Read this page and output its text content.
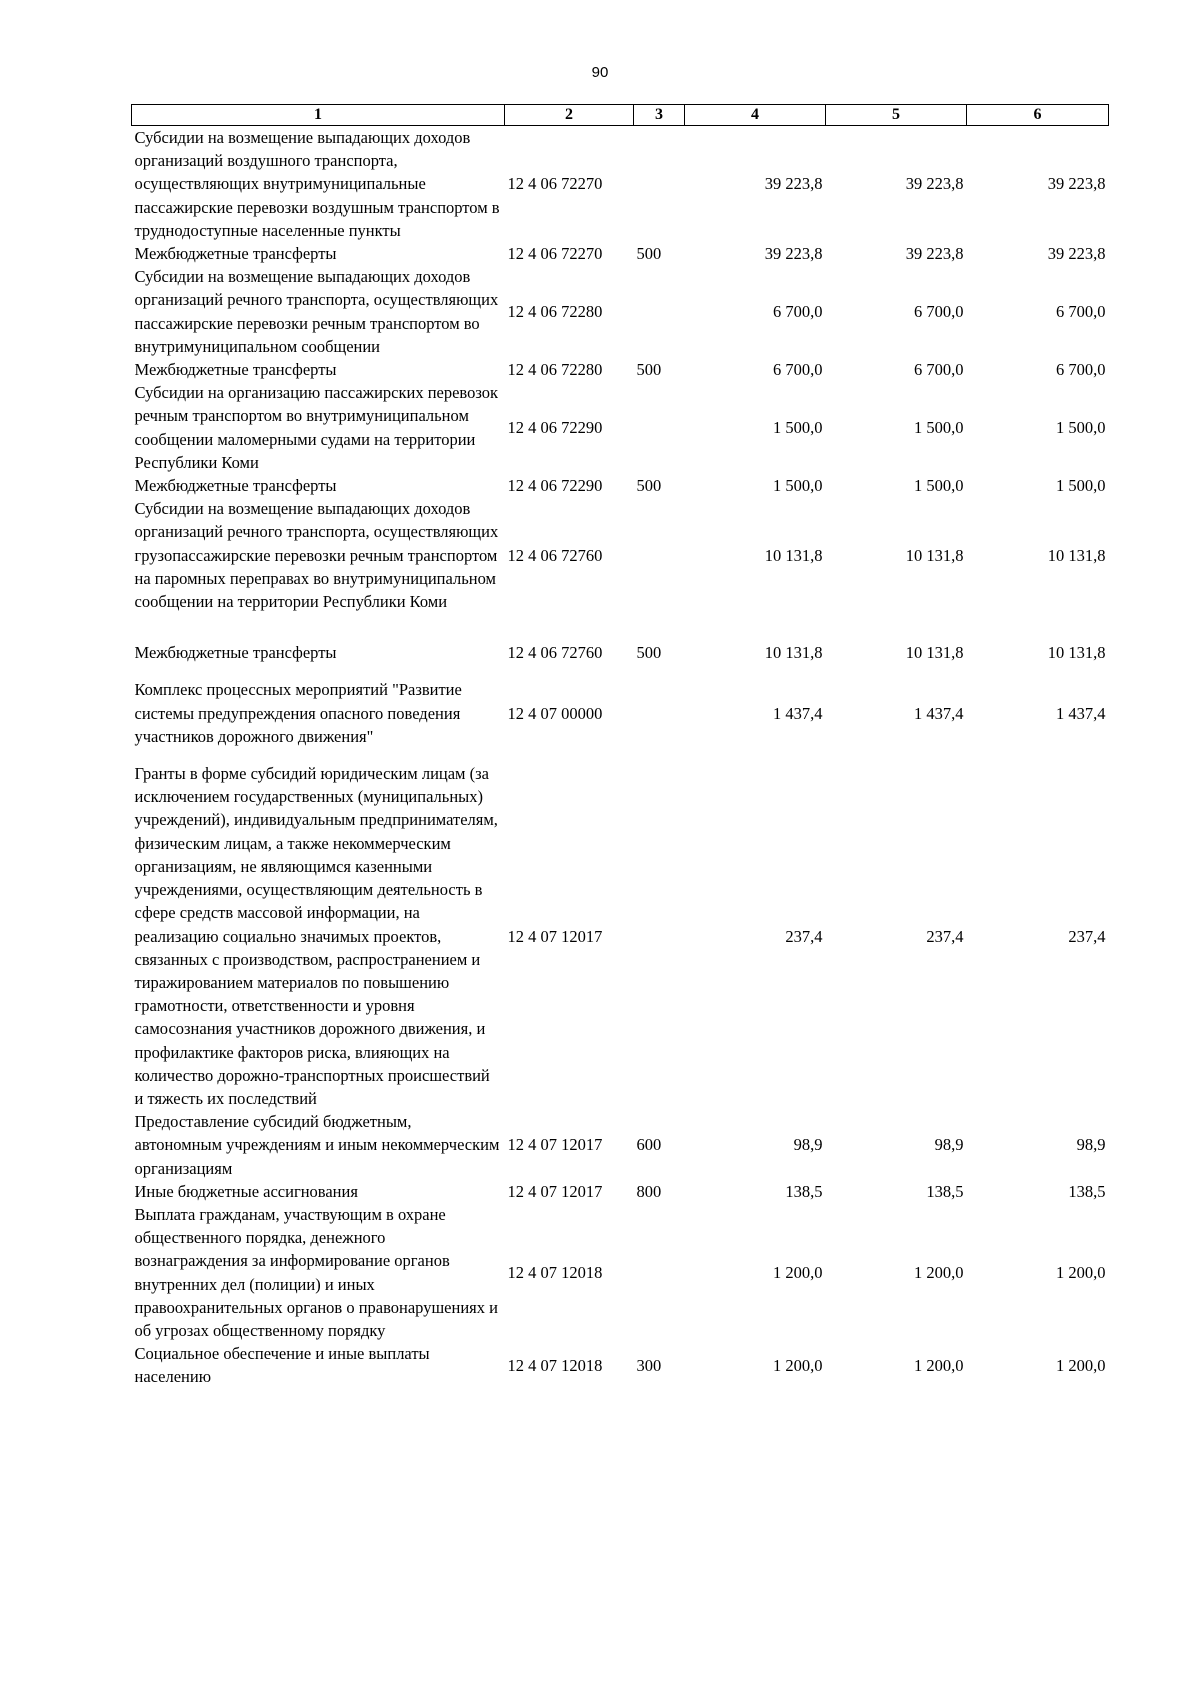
90
1	2	3	4	5	6
Субсидии на возмещение выпадающих доходов организаций воздушного транспорта, осуществляющих внутримуниципальные пассажирские перевозки воздушным транспортом в труднодоступные населенные пункты	12 4 06 72270		39 223,8	39 223,8	39 223,8
Межбюджетные трансферты	12 4 06 72270	500	39 223,8	39 223,8	39 223,8
Субсидии на возмещение выпадающих доходов организаций речного транспорта, осуществляющих пассажирские перевозки речным транспортом во внутримуниципальном сообщении	12 4 06 72280		6 700,0	6 700,0	6 700,0
Межбюджетные трансферты	12 4 06 72280	500	6 700,0	6 700,0	6 700,0
Субсидии на организацию пассажирских перевозок речным транспортом во внутримуниципальном сообщении маломерными судами на территории Республики Коми	12 4 06 72290		1 500,0	1 500,0	1 500,0
Межбюджетные трансферты	12 4 06 72290	500	1 500,0	1 500,0	1 500,0
Субсидии на возмещение выпадающих доходов организаций речного транспорта, осуществляющих грузопассажирские перевозки речным транспортом на паромных переправах во внутримуниципальном сообщении на территории Республики Коми	12 4 06 72760		10 131,8	10 131,8	10 131,8
Межбюджетные трансферты	12 4 06 72760	500	10 131,8	10 131,8	10 131,8
Комплекс процессных мероприятий "Развитие системы предупреждения опасного поведения участников дорожного движения"	12 4 07 00000		1 437,4	1 437,4	1 437,4
Гранты в форме субсидий юридическим лицам (за исключением государственных (муниципальных) учреждений), индивидуальным предпринимателям, физическим лицам, а также некоммерческим организациям, не являющимся казенными учреждениями, осуществляющим деятельность в сфере средств массовой информации, на реализацию социально значимых проектов, связанных с производством, распространением и тиражированием материалов по повышению грамотности, ответственности и уровня самосознания участников дорожного движения, и профилактике факторов риска, влияющих на количество дорожно-транспортных происшествий и тяжесть их последствий	12 4 07 12017		237,4	237,4	237,4
Предоставление субсидий бюджетным, автономным учреждениям и иным некоммерческим организациям	12 4 07 12017	600	98,9	98,9	98,9
Иные бюджетные ассигнования	12 4 07 12017	800	138,5	138,5	138,5
Выплата гражданам, участвующим в охране общественного порядка, денежного вознаграждения за информирование органов внутренних дел (полиции) и иных правоохранительных органов о правонарушениях и об угрозах общественному порядку	12 4 07 12018		1 200,0	1 200,0	1 200,0
Социальное обеспечение и иные выплаты населению	12 4 07 12018	300	1 200,0	1 200,0	1 200,0
